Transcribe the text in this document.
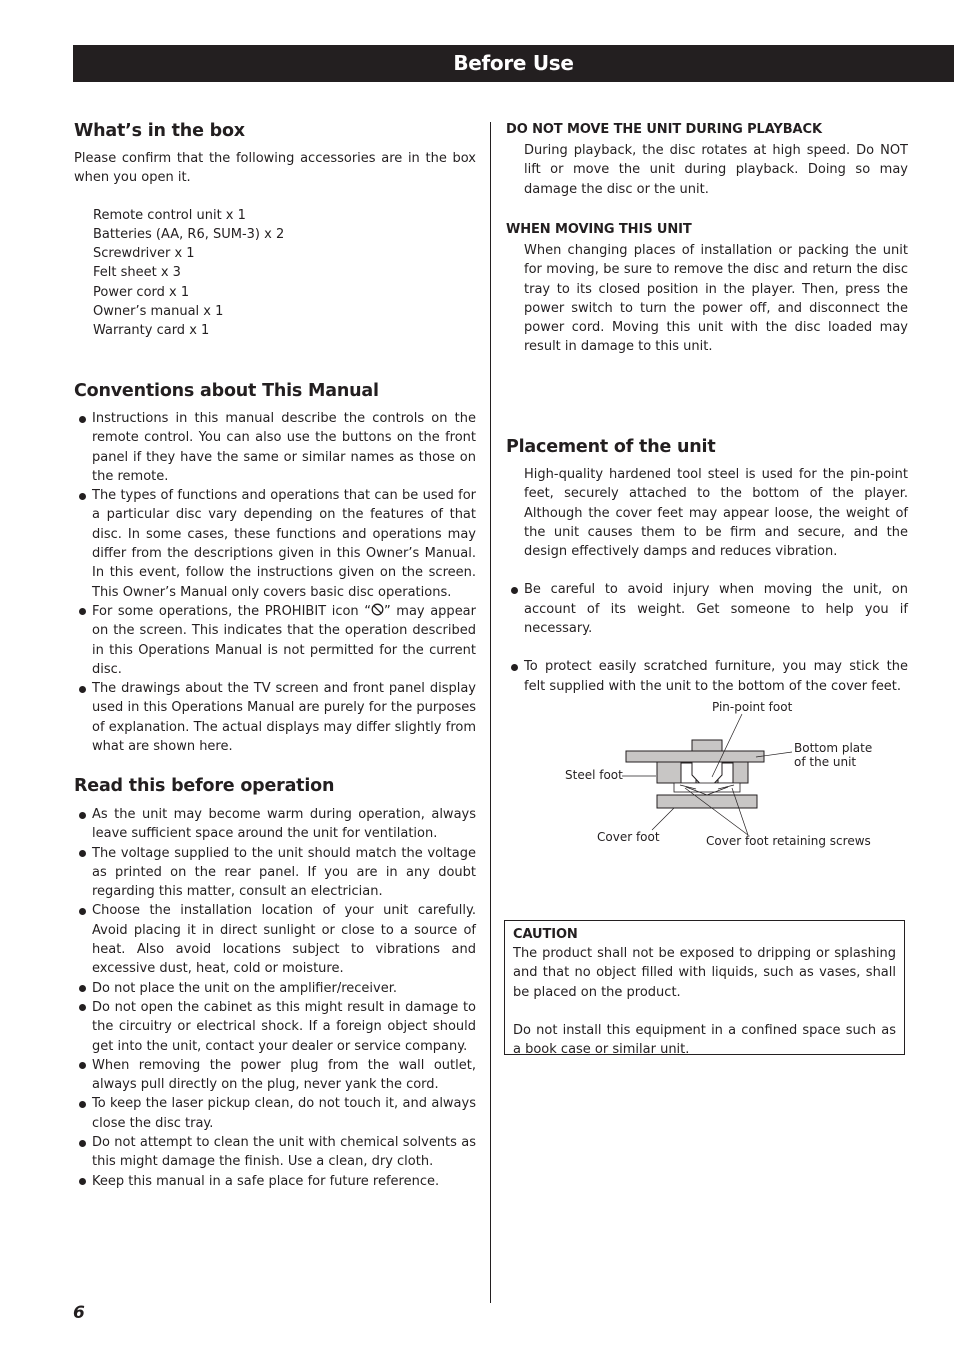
Before Use
What’s in the box

Please confirm that the following accessories are in the box when you open it.

Remote control unit x 1
Batteries (AA, R6, SUM-3) x 2
Screwdriver x 1
Felt sheet x 3
Power cord x 1
Owner’s manual x 1
Warranty card x 1
Conventions about This Manual
Instructions in this manual describe the controls on the remote control. You can also use the buttons on the front panel if they have the same or similar names as those on the remote.
The types of functions and operations that can be used for a particular disc vary depending on the features of that disc. In some cases, these functions and operations may differ from the descriptions given in this Owner’s Manual. In this event, follow the instructions given on the screen. This Owner’s Manual only covers basic disc operations.
For some operations, the PROHIBIT icon “ ” may appear on the screen. This indicates that the operation described in this Operations Manual is not permitted for the current disc.
The drawings about the TV screen and front panel display used in this Operations Manual are purely for the purposes of explanation. The actual displays may differ slightly from what are shown here.
Read this before operation
As the unit may become warm during operation, always leave sufficient space around the unit for ventilation.
The voltage supplied to the unit should match the voltage as printed on the rear panel. If you are in any doubt regarding this matter, consult an electrician.
Choose the installation location of your unit carefully. Avoid placing it in direct sunlight or close to a source of heat. Also avoid locations subject to vibrations and excessive dust, heat, cold or moisture.
Do not place the unit on the amplifier/receiver.
Do not open the cabinet as this might result in damage to the circuitry or electrical shock. If a foreign object should get into the unit, contact your dealer or service company.
When removing the power plug from the wall outlet, always pull directly on the plug, never yank the cord.
To keep the laser pickup clean, do not touch it, and always close the disc tray.
Do not attempt to clean the unit with chemical solvents as this might damage the finish. Use a clean, dry cloth.
Keep this manual in a safe place for future reference.

DO NOT MOVE THE UNIT DURING PLAYBACK

During playback, the disc rotates at high speed. Do NOT lift or move the unit during playback. Doing so may damage the disc or the unit.

WHEN MOVING THIS UNIT

When changing places of installation or packing the unit for moving, be sure to remove the disc and return the disc tray to its closed position in the player. Then, press the power switch to turn the power off, and disconnect the power cord. Moving this unit with the disc loaded may result in damage to this unit.

Placement of the unit

High-quality hardened tool steel is used for the pin-point feet, securely attached to the bottom of the player. Although the cover feet may appear loose, the weight of the unit causes them to be firm and secure, and the design effectively damps and reduces vibration.

Be careful to avoid injury when moving the unit, on account of its weight. Get someone to help you if necessary.
To protect easily scratched furniture, you may stick the felt supplied with the unit to the bottom of the cover feet.
Pin-point foot
Bottom plate
of the unit
Steel foot
Cover foot	Cover foot retaining screws

CAUTION

The product shall not be exposed to dripping or splashing and that no object filled with liquids, such as vases, shall be placed on the product.

Do not install this equipment in a confined space such as a book case or similar unit.

6
